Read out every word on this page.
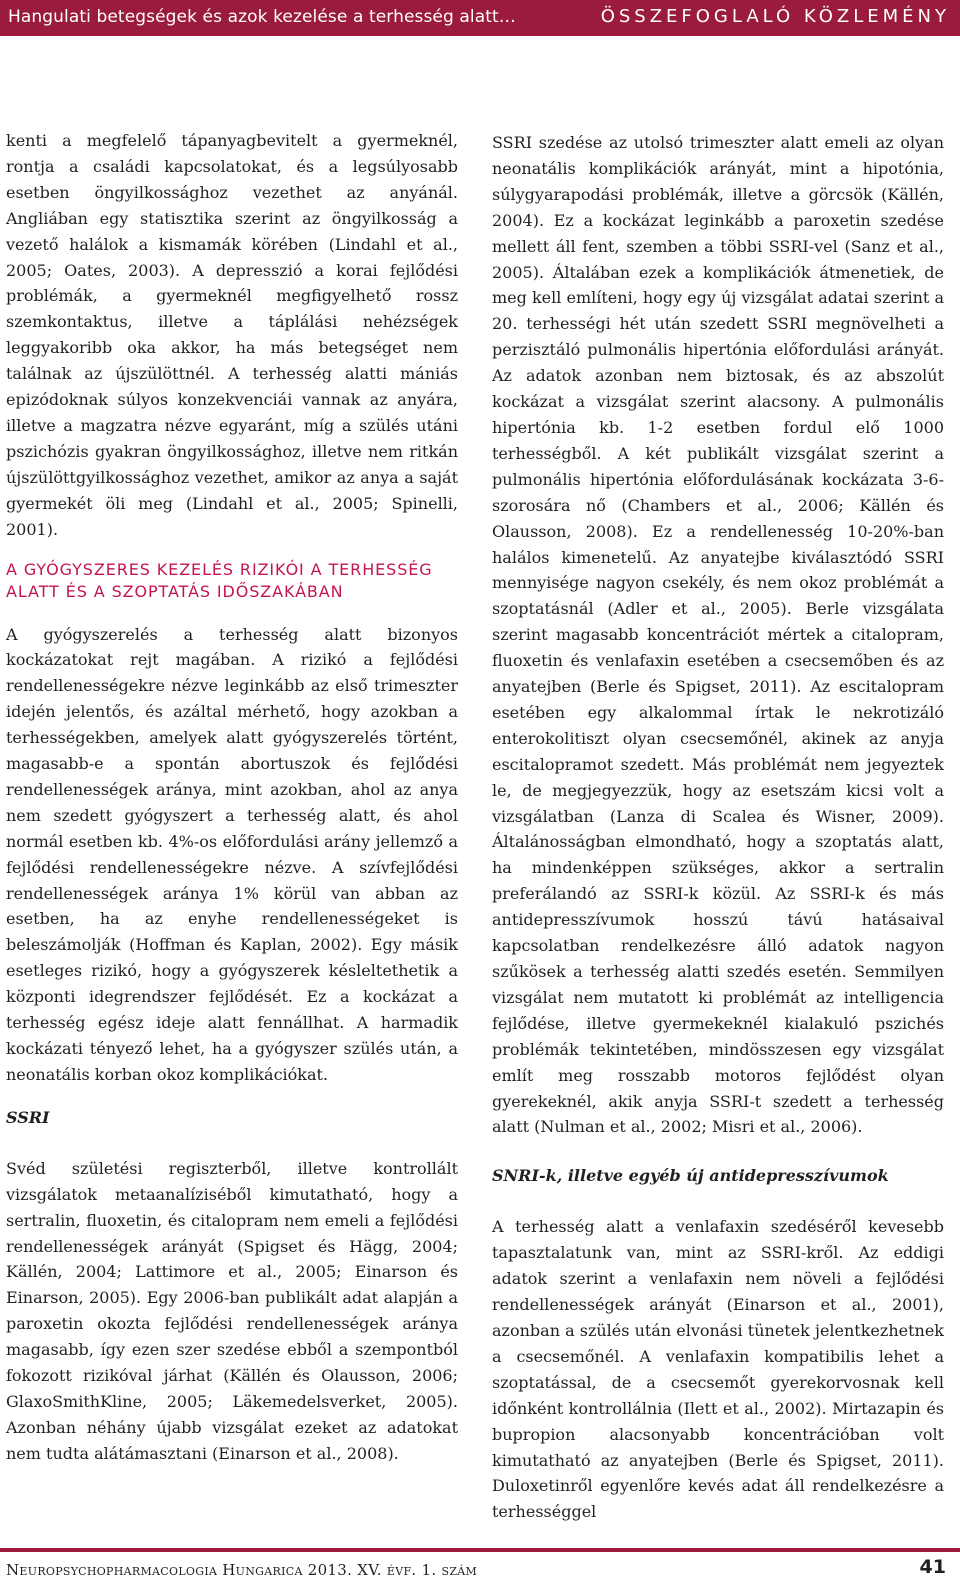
Hangulati betegségek és azok kezelése a terhesség alatt…	ÖSSZEFOGLALÓ KÖZLEMÉNY

kenti a megfelelő tápanyagbevitelt a gyermeknél, rontja a családi kapcsolatokat, és a legsúlyosabb esetben öngyilkossághoz vezethet az anyánál. Angliában egy statisztika szerint az öngyilkosság a vezető halálok a kismamák körében (Lindahl et al., 2005; Oates, 2003). A depresszió a korai fejlődési problémák, a gyermeknél megfigyelhető rossz szemkontaktus, illetve a táplálási nehézségek leggyakoribb oka akkor, ha más betegséget nem találnak az újszülöttnél. A terhesség alatti mániás epizódoknak súlyos konzekvenciái vannak az anyára, illetve a magzatra nézve egyaránt, míg a szülés utáni pszichózis gyakran öngyilkossághoz, illetve nem ritkán újszülöttgyilkossághoz vezethet, amikor az anya a saját gyermekét öli meg (Lindahl et al., 2005; Spinelli, 2001).

A GYÓGYSZERES KEZELÉS RIZIKÓI A TERHESSÉG ALATT ÉS A SZOPTATÁS IDŐSZAKÁBAN

A gyógyszerelés a terhesség alatt bizonyos kockázatokat rejt magában. A rizikó a fejlődési rendellenességekre nézve leginkább az első trimeszter idején jelentős, és azáltal mérhető, hogy azokban a terhességekben, amelyek alatt gyógyszerelés történt, magasabb-e a spontán abortuszok és fejlődési rendellenességek aránya, mint azokban, ahol az anya nem szedett gyógyszert a terhesség alatt, és ahol normál esetben kb. 4%-os előfordulási arány jellemző a fejlődési rendellenességekre nézve. A szívfejlődési rendellenességek aránya 1% körül van abban az esetben, ha az enyhe rendellenességeket is beleszámolják (Hoffman és Kaplan, 2002). Egy másik esetleges rizikó, hogy a gyógyszerek késleltethetik a központi idegrendszer fejlődését. Ez a kockázat a terhesség egész ideje alatt fennállhat. A harmadik kockázati tényező lehet, ha a gyógyszer szülés után, a neonatális korban okoz komplikációkat.

SSRI

Svéd születési regiszterből, illetve kontrollált vizsgálatok metaanalíziséből kimutatható, hogy a sertralin, fluoxetin, és citalopram nem emeli a fejlődési rendellenességek arányát (Spigset és Hägg, 2004; Källén, 2004; Lattimore et al., 2005; Einarson és Einarson, 2005). Egy 2006-ban publikált adat alapján a paroxetin okozta fejlődési rendellenességek aránya magasabb, így ezen szer szedése ebből a szempontból fokozott rizikóval járhat (Källén és Olausson, 2006; GlaxoSmithKline, 2005; Läkemedelsverket, 2005). Azonban néhány újabb vizsgálat ezeket az adatokat nem tudta alátámasztani (Einarson et al., 2008).

SSRI szedése az utolsó trimeszter alatt emeli az olyan neonatális komplikációk arányát, mint a hipotónia, súlygyarapodási problémák, illetve a görcsök (Källén, 2004). Ez a kockázat leginkább a paroxetin szedése mellett áll fent, szemben a többi SSRI-vel (Sanz et al., 2005). Általában ezek a komplikációk átmenetiek, de meg kell említeni, hogy egy új vizsgálat adatai szerint a 20. terhességi hét után szedett SSRI megnövelheti a perzisztáló pulmonális hipertónia előfordulási arányát. Az adatok azonban nem biztosak, és az abszolút kockázat a vizsgálat szerint alacsony. A pulmonális hipertónia kb. 1-2 esetben fordul elő 1000 terhességből. A két publikált vizsgálat szerint a pulmonális hipertónia előfordulásának kockázata 3-6-szorosára nő (Chambers et al., 2006; Källén és Olausson, 2008). Ez a rendellenesség 10-20%-ban halálos kimenetelű. Az anyatejbe kiválasztódó SSRI mennyisége nagyon csekély, és nem okoz problémát a szoptatásnál (Adler et al., 2005). Berle vizsgálata szerint magasabb koncentrációt mértek a citalopram, fluoxetin és venlafaxin esetében a csecsemőben és az anyatejben (Berle és Spigset, 2011). Az escitalopram esetében egy alkalommal írtak le nekrotizáló enterokolitiszt olyan csecsemőnél, akinek az anyja escitalopramot szedett. Más problémát nem jegyeztek le, de megjegyezzük, hogy az esetszám kicsi volt a vizsgálatban (Lanza di Scalea és Wisner, 2009). Általánosságban elmondható, hogy a szoptatás alatt, ha mindenképpen szükséges, akkor a sertralin preferálandó az SSRI-k közül. Az SSRI-k és más antidepresszívumok hosszú távú hatásaival kapcsolatban rendelkezésre álló adatok nagyon szűkösek a terhesség alatti szedés esetén. Semmilyen vizsgálat nem mutatott ki problémát az intelligencia fejlődése, illetve gyermekeknél kialakuló pszichés problémák tekintetében, mindösszesen egy vizsgálat említ meg rosszabb motoros fejlődést olyan gyerekeknél, akik anyja SSRI-t szedett a terhesség alatt (Nulman et al., 2002; Misri et al., 2006).

SNRI-k, illetve egyéb új antidepresszívumok

A terhesség alatt a venlafaxin szedéséről kevesebb tapasztalatunk van, mint az SSRI-kről. Az eddigi adatok szerint a venlafaxin nem növeli a fejlődési rendellenességek arányát (Einarson et al., 2001), azonban a szülés után elvonási tünetek jelentkezhetnek a csecsemőnél. A venlafaxin kompatibilis lehet a szoptatással, de a csecsemőt gyerekorvosnak kell időnként kontrollálnia (Ilett et al., 2002). Mirtazapin és bupropion alacsonyabb koncentrációban volt kimutatható az anyatejben (Berle és Spigset, 2011). Duloxetinről egyenlőre kevés adat áll rendelkezésre a terhességgel

Neuropsychopharmacologia Hungarica 2013. XV. évf. 1. szám	41
